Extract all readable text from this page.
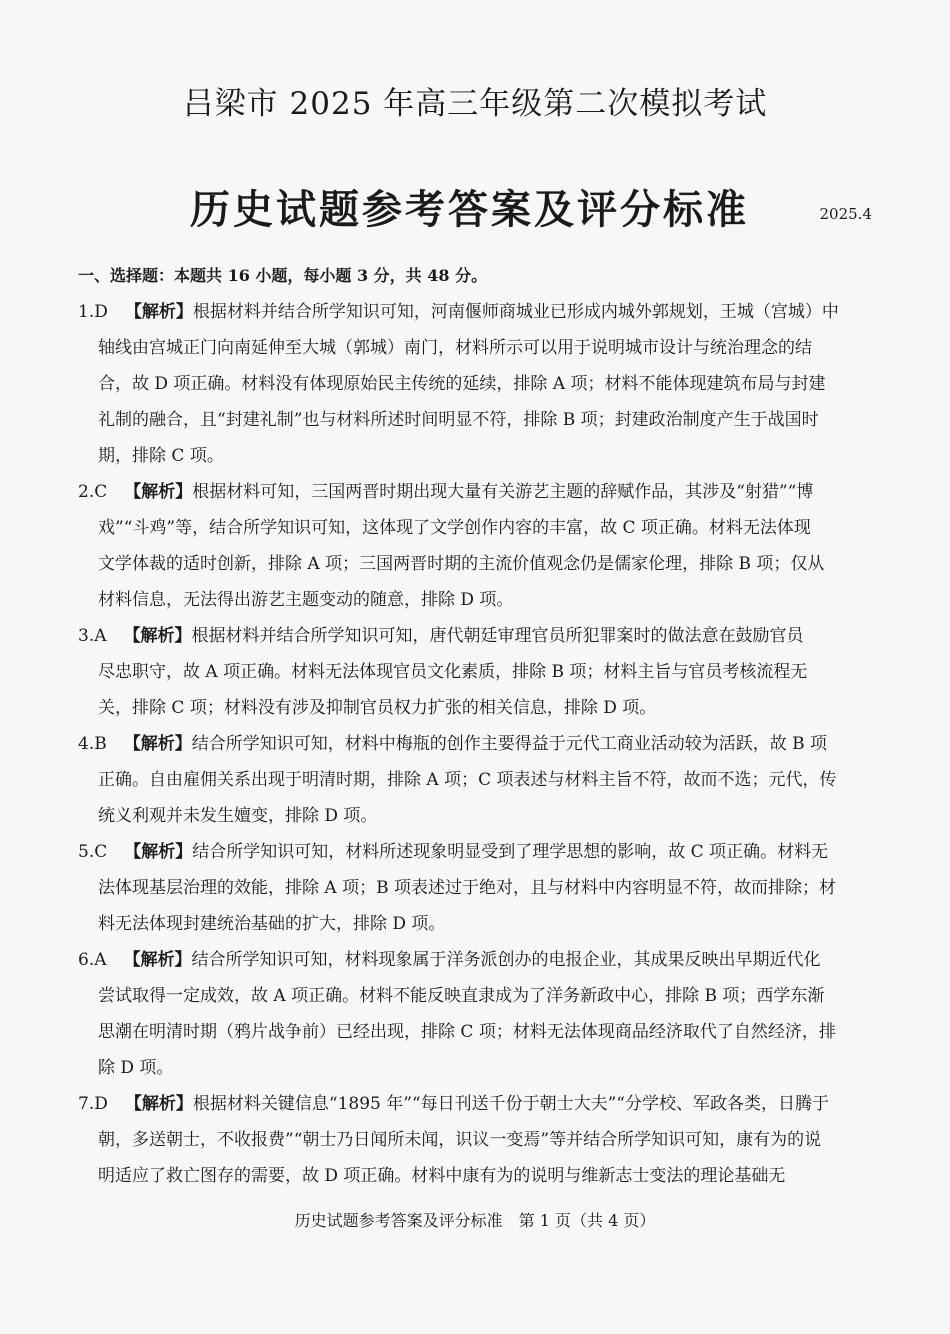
吕梁市 2025 年高三年级第二次模拟考试
历史试题参考答案及评分标准	2025.4
一、选择题：本题共 16 小题，每小题 3 分，共 48 分。
1.D  【解析】根据材料并结合所学知识可知，河南偃师商城业已形成内城外郭规划，王城（宫城）中
轴线由宫城正门向南延伸至大城（郭城）南门，材料所示可以用于说明城市设计与统治理念的结
合，故 D 项正确。材料没有体现原始民主传统的延续，排除 A 项；材料不能体现建筑布局与封建
礼制的融合，且“封建礼制”也与材料所述时间明显不符，排除 B 项；封建政治制度产生于战国时
期，排除 C 项。
2.C  【解析】根据材料可知，三国两晋时期出现大量有关游艺主题的辞赋作品，其涉及“射猎”“博
戏”“斗鸡”等，结合所学知识可知，这体现了文学创作内容的丰富，故 C 项正确。材料无法体现
文学体裁的适时创新，排除 A 项；三国两晋时期的主流价值观念仍是儒家伦理，排除 B 项；仅从
材料信息，无法得出游艺主题变动的随意，排除 D 项。
3.A  【解析】根据材料并结合所学知识可知，唐代朝廷审理官员所犯罪案时的做法意在鼓励官员
尽忠职守，故 A 项正确。材料无法体现官员文化素质，排除 B 项；材料主旨与官员考核流程无
关，排除 C 项；材料没有涉及抑制官员权力扩张的相关信息，排除 D 项。
4.B  【解析】结合所学知识可知，材料中梅瓶的创作主要得益于元代工商业活动较为活跃，故 B 项
正确。自由雇佣关系出现于明清时期，排除 A 项；C 项表述与材料主旨不符，故而不选；元代，传
统义利观并未发生嬗变，排除 D 项。
5.C  【解析】结合所学知识可知，材料所述现象明显受到了理学思想的影响，故 C 项正确。材料无
法体现基层治理的效能，排除 A 项；B 项表述过于绝对，且与材料中内容明显不符，故而排除；材
料无法体现封建统治基础的扩大，排除 D 项。
6.A  【解析】结合所学知识可知，材料现象属于洋务派创办的电报企业，其成果反映出早期近代化
尝试取得一定成效，故 A 项正确。材料不能反映直隶成为了洋务新政中心，排除 B 项；西学东渐
思潮在明清时期（鸦片战争前）已经出现，排除 C 项；材料无法体现商品经济取代了自然经济，排
除 D 项。
7.D  【解析】根据材料关键信息“1895 年”“每日刊送千份于朝士大夫”“分学校、军政各类，日腾于
朝，多送朝士，不收报费”“朝士乃日闻所未闻，识议一变焉”等并结合所学知识可知，康有为的说
明适应了救亡图存的需要，故 D 项正确。材料中康有为的说明与维新志士变法的理论基础无
历史试题参考答案及评分标准　第 1 页（共 4 页）
